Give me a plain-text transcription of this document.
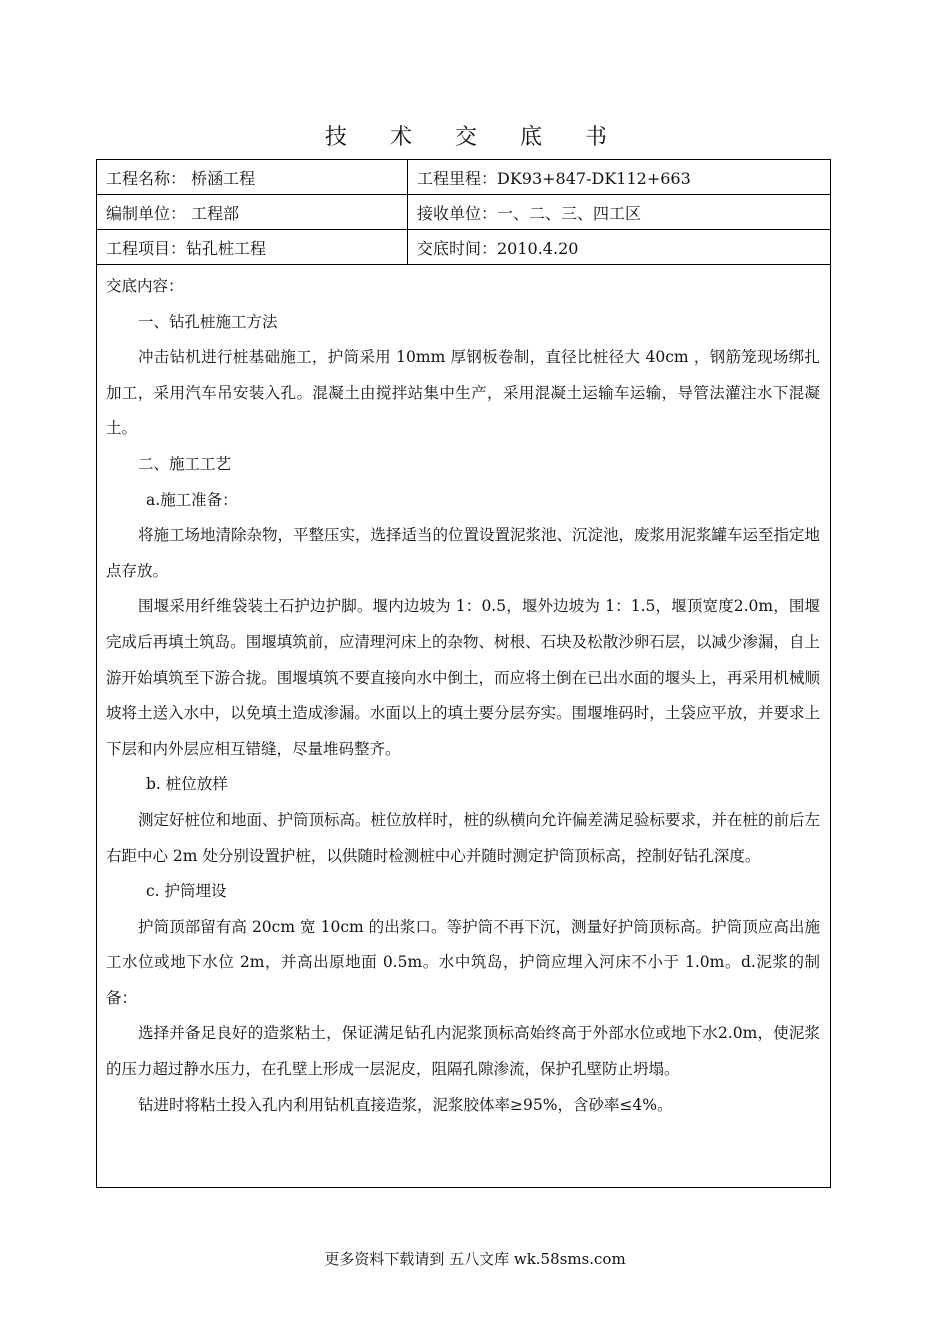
技 术 交 底 书
工程名称： 桥涵工程	工程里程：DK93+847-DK112+663
编制单位： 工程部	接收单位：一、二、三、四工区
工程项目：钻孔桩工程	交底时间：2010.4.20

交底内容：

一、钻孔桩施工方法

冲击钻机进行桩基础施工，护筒采用 10mm 厚钢板卷制，直径比桩径大 40cm ，钢筋笼现场绑扎加工，采用汽车吊安装入孔。混凝土由搅拌站集中生产，采用混凝土运输车运输，导管法灌注水下混凝土。

二、施工工艺

a.施工准备：

将施工场地清除杂物，平整压实，选择适当的位置设置泥浆池、沉淀池，废浆用泥浆罐车运至指定地点存放。

围堰采用纤维袋装土石护边护脚。堰内边坡为 1：0.5，堰外边坡为 1：1.5，堰顶宽度2.0m，围堰完成后再填土筑岛。围堰填筑前，应清理河床上的杂物、树根、石块及松散沙卵石层，以减少渗漏，自上游开始填筑至下游合拢。围堰填筑不要直接向水中倒土，而应将土倒在已出水面的堰头上，再采用机械顺坡将土送入水中，以免填土造成渗漏。水面以上的填土要分层夯实。围堰堆码时，土袋应平放，并要求上下层和内外层应相互错缝，尽量堆码整齐。

b. 桩位放样

测定好桩位和地面、护筒顶标高。桩位放样时，桩的纵横向允许偏差满足验标要求，并在桩的前后左右距中心 2m 处分别设置护桩，以供随时检测桩中心并随时测定护筒顶标高，控制好钻孔深度。

c. 护筒埋设

护筒顶部留有高 20cm 宽 10cm 的出浆口。等护筒不再下沉，测量好护筒顶标高。护筒顶应高出施工水位或地下水位 2m，并高出原地面 0.5m。水中筑岛，护筒应埋入河床不小于 1.0m。d.泥浆的制备：

选择并备足良好的造浆粘土，保证满足钻孔内泥浆顶标高始终高于外部水位或地下水2.0m，使泥浆的压力超过静水压力，在孔壁上形成一层泥皮，阻隔孔隙渗流，保护孔壁防止坍塌。

钻进时将粘土投入孔内利用钻机直接造浆，泥浆胶体率≥95%，含砂率≤4%。

更多资料下载请到 五八文库 wk.58sms.com
